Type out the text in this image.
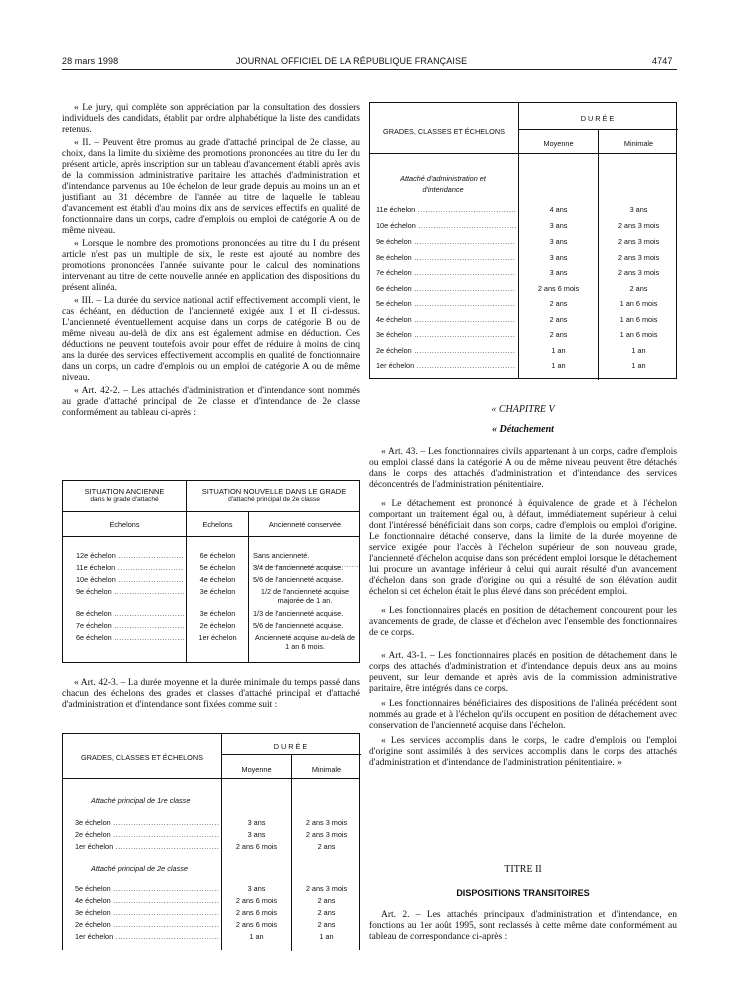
28 mars 1998	JOURNAL OFFICIEL DE LA RÉPUBLIQUE FRANÇAISE	4747

« Le jury, qui complète son appréciation par la consultation des dossiers individuels des candidats, établit par ordre alphabétique la liste des candidats retenus.

« II. – Peuvent être promus au grade d'attaché principal de 2e classe, au choix, dans la limite du sixième des promotions prononcées au titre du Ier du présent article, après inscription sur un tableau d'avancement établi après avis de la commission administrative paritaire les attachés d'administration et d'intendance parvenus au 10e échelon de leur grade depuis au moins un an et justifiant au 31 décembre de l'année au titre de laquelle le tableau d'avancement est établi d'au moins dix ans de services effectifs en qualité de fonctionnaire dans un corps, cadre d'emplois ou emploi de catégorie A ou de même niveau.

« Lorsque le nombre des promotions prononcées au titre du I du présent article n'est pas un multiple de six, le reste est ajouté au nombre des promotions prononcées l'année suivante pour le calcul des nominations intervenant au titre de cette nouvelle année en application des dispositions du présent alinéa.

« III. – La durée du service national actif effectivement accompli vient, le cas échéant, en déduction de l'ancienneté exigée aux I et II ci-dessus. L'ancienneté éventuellement acquise dans un corps de catégorie B ou de même niveau au-delà de dix ans est également admise en déduction. Ces déductions ne peuvent toutefois avoir pour effet de réduire à moins de cinq ans la durée des services effectivement accomplis en qualité de fonctionnaire dans un corps, un cadre d'emplois ou un emploi de catégorie A ou de même niveau.

« Art. 42-2. – Les attachés d'administration et d'intendance sont nommés au grade d'attaché principal de 2e classe et d'intendance de 2e classe conformément au tableau ci-après :

SITUATION ANCIENNE
dans le grade d'attaché
SITUATION NOUVELLE DANS LE GRADE
d'attaché principal de 2e classe
Echelons	Echelons	Ancienneté conservée
12e échelon .....	6e échelon	Sans ancienneté. .....
11e échelon .....	5e échelon	3/4 de l'ancienneté acquise.
10e échelon .....	4e échelon	5/6 de l'ancienneté acquise.
9e échelon .....	3e échelon	1/2 de l'ancienneté acquise majorée de 1 an.
8e échelon .....	3e échelon	1/3 de l'ancienneté acquise.
7e échelon .....	2e échelon	5/6 de l'ancienneté acquise.
6e échelon .....	1er échelon	Ancienneté acquise au-delà de 1 an 6 mois.

« Art. 42-3. – La durée moyenne et la durée minimale du temps passé dans chacun des échelons des grades et classes d'attaché principal et d'attaché d'administration et d'intendance sont fixées comme suit :

GRADES, CLASSES ET ÉCHELONS
DURÉE
Moyenne	Minimale
Attaché principal de 1re classe
3e échelon .....	3 ans	2 ans 3 mois
2e échelon .....	3 ans	2 ans 3 mois
1er échelon .....	2 ans 6 mois	2 ans
Attaché principal de 2e classe
5e échelon .....	3 ans	2 ans 3 mois
4e échelon .....	2 ans 6 mois	2 ans
3e échelon .....	2 ans 6 mois	2 ans
2e échelon .....	2 ans 6 mois	2 ans
1er échelon .....	1 an	1 an
GRADES, CLASSES ET ÉCHELONS
DURÉE
Moyenne	Minimale
Attaché d'administration et d'intendance
11e échelon .....	4 ans	3 ans
10e échelon .....	3 ans	2 ans 3 mois
9e échelon .....	3 ans	2 ans 3 mois
8e échelon .....	3 ans	2 ans 3 mois
7e échelon .....	3 ans	2 ans 3 mois
6e échelon .....	2 ans 6 mois	2 ans
5e échelon .....	2 ans	1 an 6 mois
4e échelon .....	2 ans	1 an 6 mois
3e échelon .....	2 ans	1 an 6 mois
2e échelon .....	1 an	1 an
1er échelon .....	1 an	1 an
« CHAPITRE V
« Détachement

« Art. 43. – Les fonctionnaires civils appartenant à un corps, cadre d'emplois ou emploi classé dans la catégorie A ou de même niveau peuvent être détachés dans le corps des attachés d'administration et d'intendance des services déconcentrés de l'administration pénitentiaire.

« Le détachement est prononcé à équivalence de grade et à l'échelon comportant un traitement égal ou, à défaut, immédiatement supérieur à celui dont l'intéressé bénéficiait dans son corps, cadre d'emplois ou emploi d'origine. Le fonctionnaire détaché conserve, dans la limite de la durée moyenne de service exigée pour l'accès à l'échelon supérieur de son nouveau grade, l'ancienneté d'échelon acquise dans son précédent emploi lorsque le détachement lui procure un avantage inférieur à celui qui aurait résulté d'un avancement d'échelon dans son grade d'origine ou qui a résulté de son élévation audit échelon si cet échelon était le plus élevé dans son précédent emploi.

« Les fonctionnaires placés en position de détachement concourent pour les avancements de grade, de classe et d'échelon avec l'ensemble des fonctionnaires de ce corps.

« Art. 43-1. – Les fonctionnaires placés en position de détachement dans le corps des attachés d'administration et d'intendance depuis deux ans au moins peuvent, sur leur demande et après avis de la commission administrative paritaire, être intégrés dans ce corps.

« Les fonctionnaires bénéficiaires des dispositions de l'alinéa précédent sont nommés au grade et à l'échelon qu'ils occupent en position de détachement avec conservation de l'ancienneté acquise dans l'échelon.

« Les services accomplis dans le corps, le cadre d'emplois ou l'emploi d'origine sont assimilés à des services accomplis dans le corps des attachés d'administration et d'intendance de l'administration pénitentiaire. »

TITRE II
DISPOSITIONS TRANSITOIRES

Art. 2. – Les attachés principaux d'administration et d'intendance, en fonctions au 1er août 1995, sont reclassés à cette même date conformément au tableau de correspondance ci-après :
